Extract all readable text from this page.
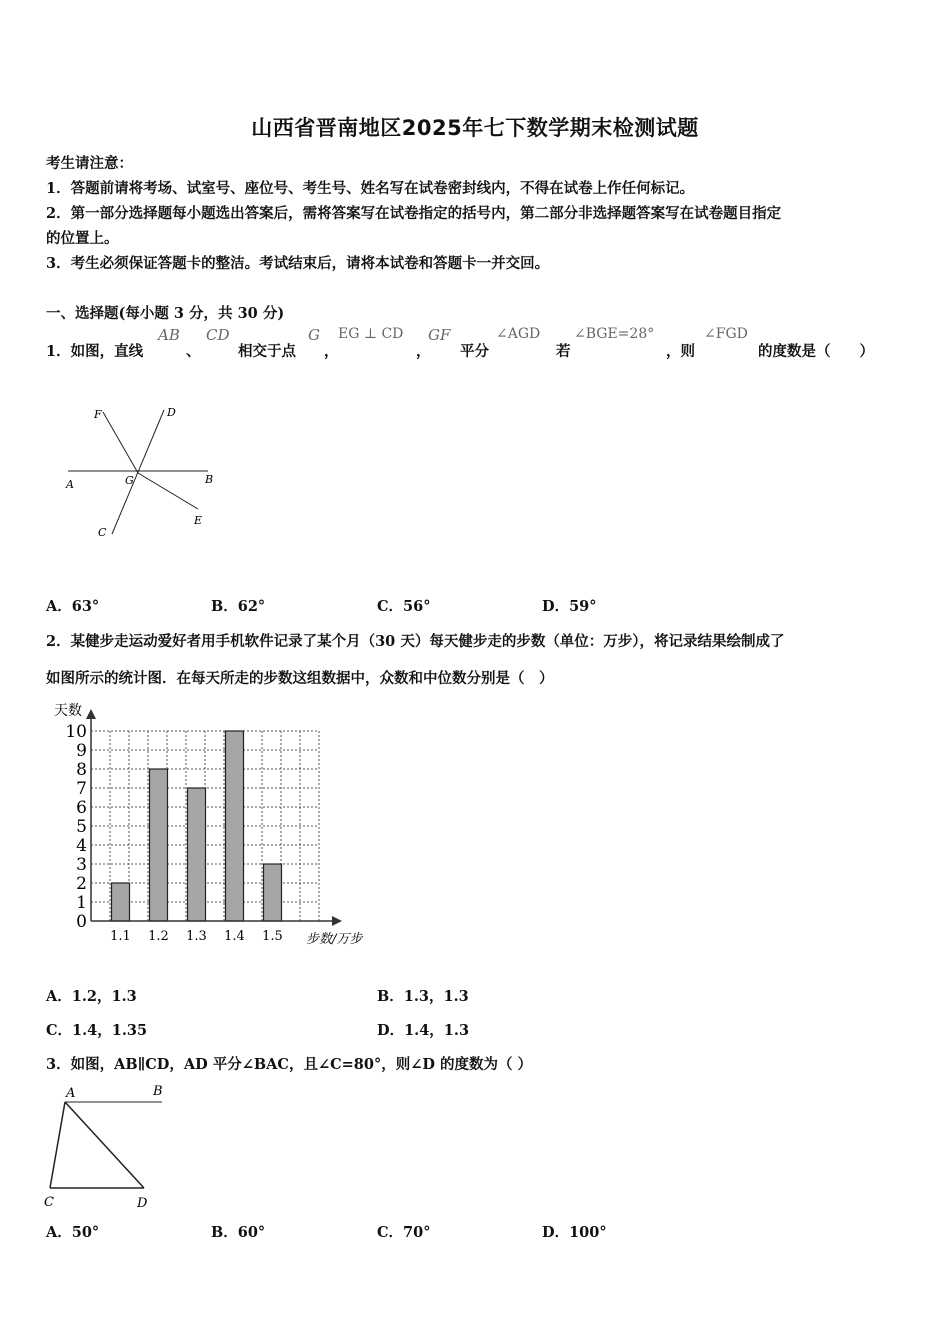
山西省晋南地区2025年七下数学期末检测试题
考生请注意：
1．答题前请将考场、试室号、座位号、考生号、姓名写在试卷密封线内，不得在试卷上作任何标记。
2．第一部分选择题每小题选出答案后，需将答案写在试卷指定的括号内，第二部分非选择题答案写在试卷题目指定
的位置上。
3．考生必须保证答题卡的整洁。考试结束后，请将本试卷和答题卡一并交回。
一、选择题(每小题 3 分，共 30 分)
1．如图，直线
AB
、
CD
相交于点
G
，
EG ⊥ CD
，
GF
平分
∠AGD
若
∠BGE=28°
，则
∠FGD
的度数是（　　）
F	D
A	G	B
C
E
A．63°	B．62°	C．56°	D．59°
2．某健步走运动爱好者用手机软件记录了某个月（30 天）每天健步走的步数（单位：万步），将记录结果绘制成了
如图所示的统计图．在每天所走的步数这组数据中，众数和中位数分别是（　）
0
1
2
3
4
5
6
7
8
9
10
1.1 1.2 1.3 1.4 1.5
天数
步数/万步
A．1.2，1.3	B．1.3，1.3
C．1.4，1.35	D．1.4，1.3
3．如图，AB∥CD，AD 平分∠BAC，且∠C=80°，则∠D 的度数为（ ）
A	B
C	D
A．50°	B．60°	C．70°	D．100°
